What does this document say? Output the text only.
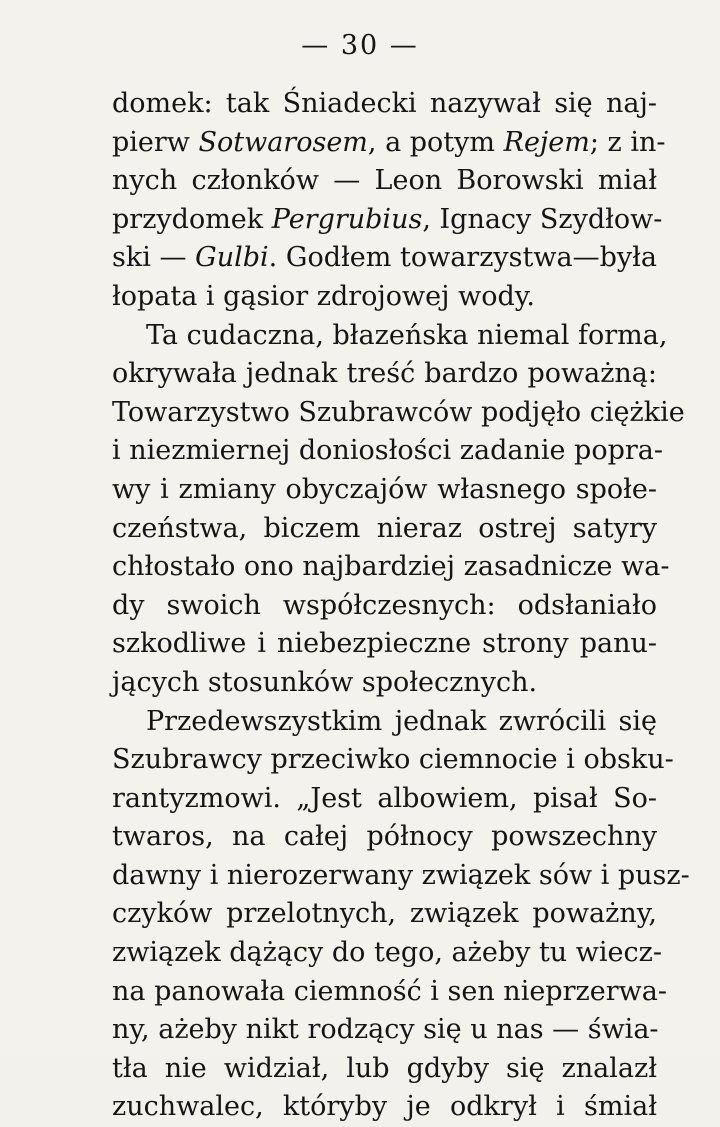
— 30 —
domek: tak Śniadecki nazywał się naj-
pierw Sotwarosem, a potym Rejem; z in-
nych członków — Leon Borowski miał
przydomek Pergrubius, Ignacy Szydłow-
ski — Gulbi. Godłem towarzystwa—była
łopata i gąsior zdrojowej wody.
Ta cudaczna, błazeńska niemal forma,
okrywała jednak treść bardzo poważną:
Towarzystwo Szubrawców podjęło ciężkie
i niezmiernej doniosłości zadanie popra-
wy i zmiany obyczajów własnego społe-
czeństwa, biczem nieraz ostrej satyry
chłostało ono najbardziej zasadnicze wa-
dy swoich współczesnych: odsłaniało
szkodliwe i niebezpieczne strony panu-
jących stosunków społecznych.
Przedewszystkim jednak zwrócili się
Szubrawcy przeciwko ciemnocie i obsku-
rantyzmowi. „Jest albowiem, pisał So-
twaros, na całej północy powszechny
dawny i nierozerwany związek sów i pusz-
czyków przelotnych, związek poważny,
związek dążący do tego, ażeby tu wiecz-
na panowała ciemność i sen nieprzerwa-
ny, ażeby nikt rodzący się u nas — świa-
tła nie widział, lub gdyby się znalazł
zuchwalec, któryby je odkrył i śmiał
